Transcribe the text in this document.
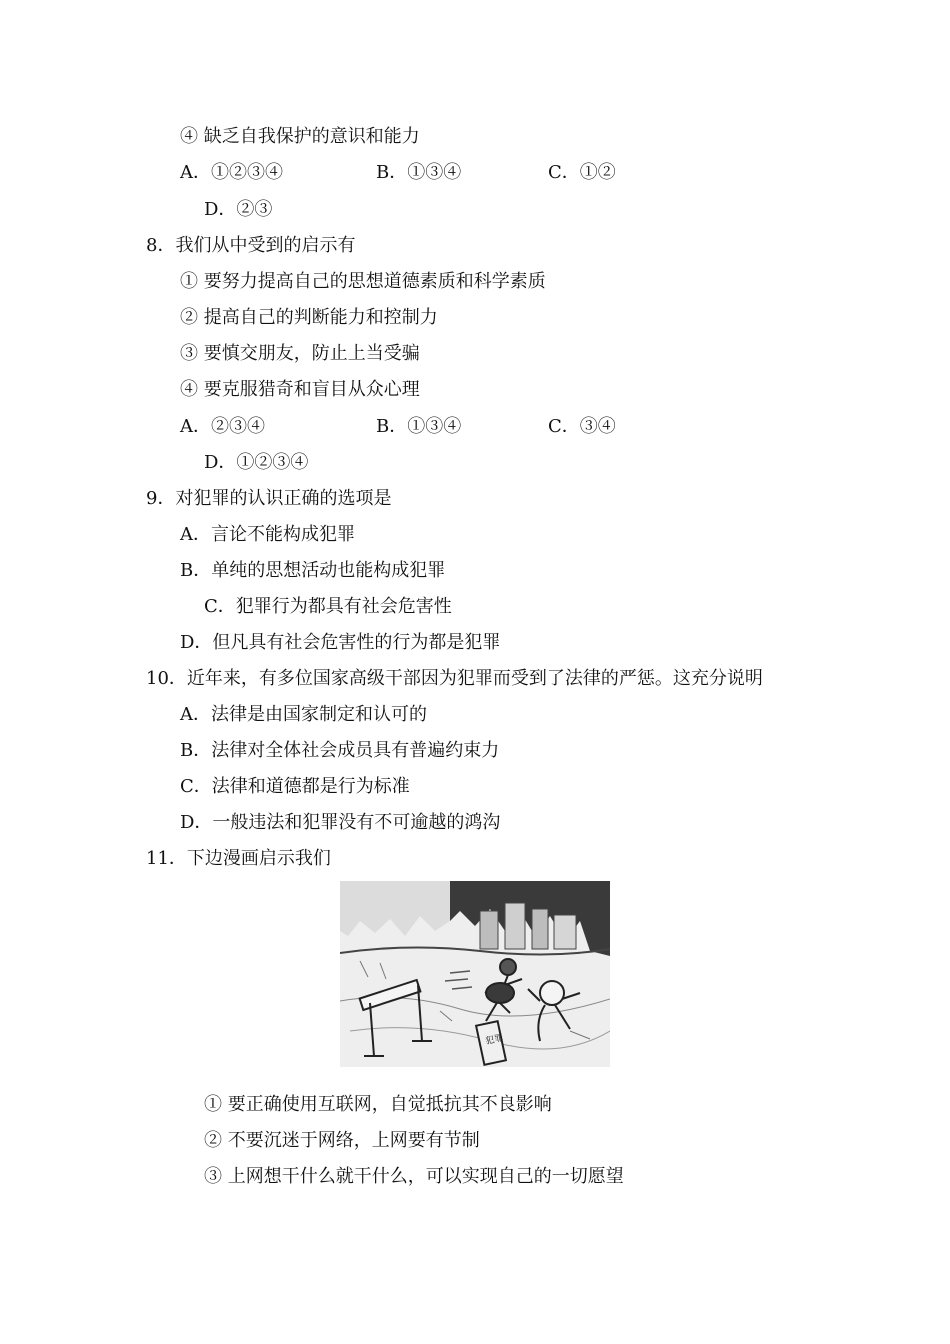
④ 缺乏自我保护的意识和能力
A．①②③④	B．①③④	C．①②
D．②③
8．我们从中受到的启示有
① 要努力提高自己的思想道德素质和科学素质
② 提高自己的判断能力和控制力
③ 要慎交朋友，防止上当受骗
④ 要克服猎奇和盲目从众心理
A．②③④	B．①③④	C．③④
D．①②③④
9．对犯罪的认识正确的选项是
A．言论不能构成犯罪
B．单纯的思想活动也能构成犯罪
C．犯罪行为都具有社会危害性
D．但凡具有社会危害性的行为都是犯罪
10．近年来，有多位国家高级干部因为犯罪而受到了法律的严惩。这充分说明
A．法律是由国家制定和认可的
B．法律对全体社会成员具有普遍约束力
C．法律和道德都是行为标准
D．一般违法和犯罪没有不可逾越的鸿沟
11．下边漫画启示我们
犯罪
① 要正确使用互联网，自觉抵抗其不良影响
② 不要沉迷于网络，上网要有节制
③ 上网想干什么就干什么，可以实现自己的一切愿望
